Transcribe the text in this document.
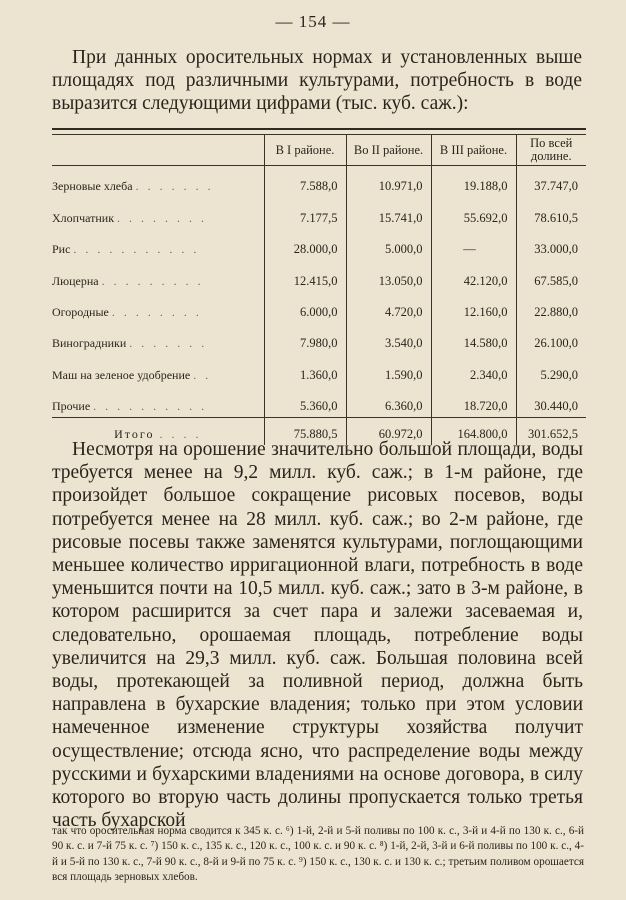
— 154 —
При данных оросительных нормах и установленных выше площадях под различными культурами, потребность в воде выразится следующими цифрами (тыс. куб. саж.):
	В I районе.	Во II районе.	В III районе.	По всей долине.
Зерновые хлеба . . . . . . .	7.588,0	10.971,0	19.188,0	37.747,0
Хлопчатник . . . . . . . .	7.177,5	15.741,0	55.692,0	78.610,5
Рис . . . . . . . . . . .	28.000,0	5.000,0	—	33.000,0
Люцерна . . . . . . . . .	12.415,0	13.050,0	42.120,0	67.585,0
Огородные . . . . . . . .	6.000,0	4.720,0	12.160,0	22.880,0
Виноградники . . . . . . .	7.980,0	3.540,0	14.580,0	26.100,0
Маш на зеленое удобрение . .	1.360,0	1.590,0	2.340,0	5.290,0
Прочие . . . . . . . . . .	5.360,0	6.360,0	18.720,0	30.440,0
Итого . . . .	75.880,5	60.972,0	164.800,0	301.652,5

Несмотря на орошение значительно большой площади, воды требуется менее на 9,2 милл. куб. саж.; в 1-м районе, где произойдет большое сокращение рисовых посевов, воды потребуется менее на 28 милл. куб. саж.; во 2-м районе, где рисовые посевы также заменятся культурами, поглощающими меньшее количество ирригационной влаги, потребность в воде уменьшится почти на 10,5 милл. куб. саж.; зато в 3-м районе, в котором расширится за счет пара и залежи засеваемая и, следовательно, орошаемая площадь, потребление воды увеличится на 29,3 милл. куб. саж. Большая половина всей воды, протекающей за поливной период, должна быть направлена в бухарские владения; только при этом условии намеченное изменение структуры хозяйства получит осуществление; отсюда ясно, что распределение воды между русскими и бухарскими владениями на основе договора, в силу которого во вторую часть долины пропускается только третья часть бухарской

так что оросительная норма сводится к 345 к. с. ⁶) 1-й, 2-й и 5-й поливы по 100 к. с., 3-й и 4-й по 130 к. с., 6-й 90 к. с. и 7-й 75 к. с. ⁷) 150 к. с., 135 к. с., 120 к. с., 100 к. с. и 90 к. с. ⁸) 1-й, 2-й, 3-й и 6-й поливы по 100 к. с., 4-й и 5-й по 130 к. с., 7-й 90 к. с., 8-й и 9-й по 75 к. с. ⁹) 150 к. с., 130 к. с. и 130 к. с.; третьим поливом орошается вся площадь зерновых хлебов.
